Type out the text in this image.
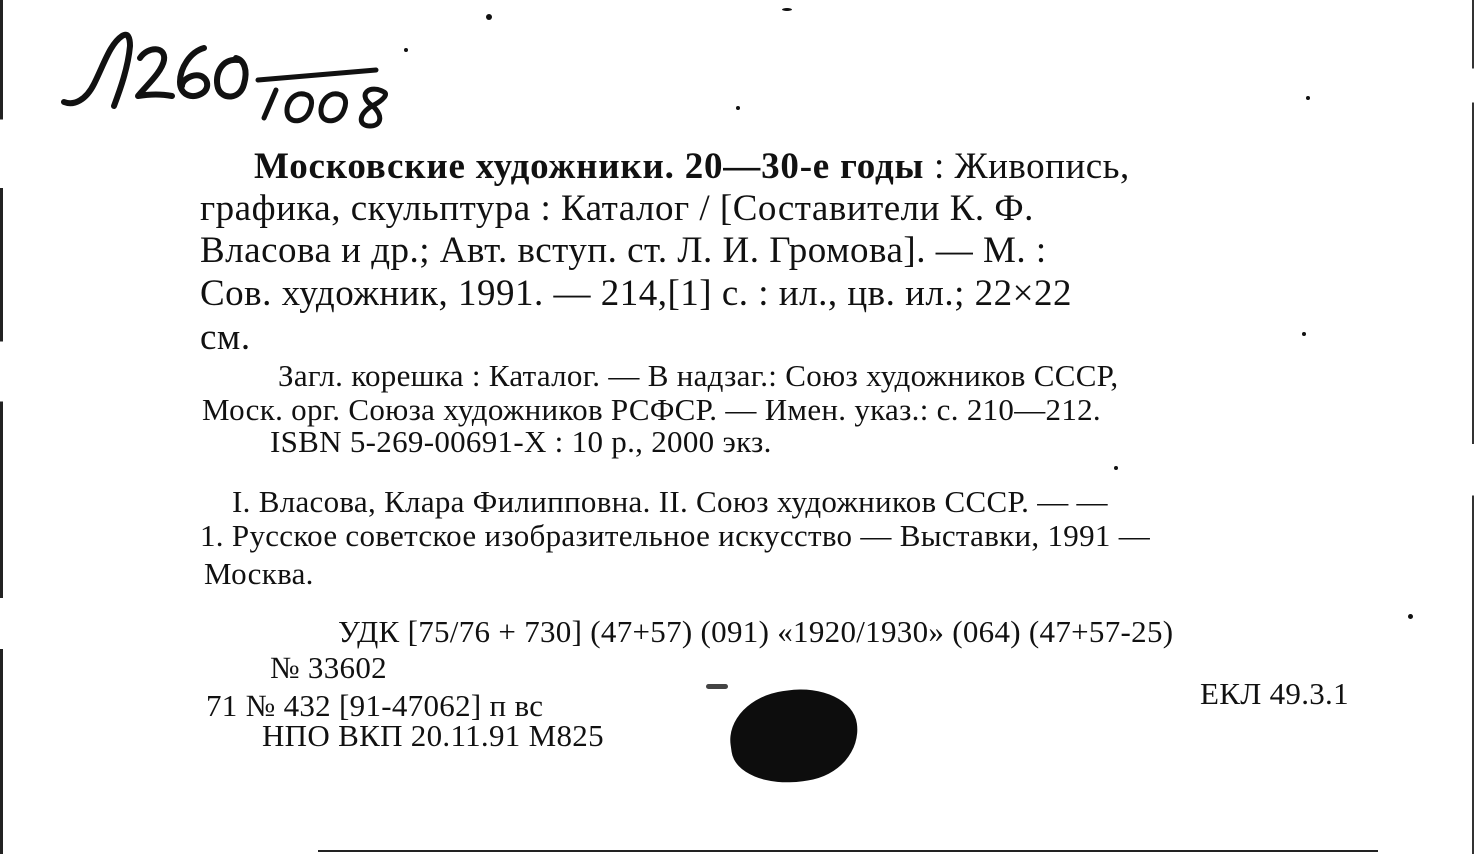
Московские художники. 20—30-е годы : Живопись,
графика, скульптура : Каталог / [Составители К. Ф.
Власова и др.; Авт. вступ. ст. Л. И. Громова]. — М. :
Сов. художник, 1991. — 214,[1] с. : ил., цв. ил.; 22×22
см.
Загл. корешка : Каталог. — В надзаг.: Союз художников СССР,
Моск. орг. Союза художников РСФСР. — Имен. указ.: с. 210—212.
ISBN 5-269-00691-X : 10 р., 2000 экз.
I. Власова, Клара Филипповна. II. Союз художников СССР. — —
1. Русское советское изобразительное искусство — Выставки, 1991 —
Москва.
УДК [75/76 + 730] (47+57) (091) «1920/1930» (064) (47+57-25)
№ 33602
71 № 432 [91-47062] п вс	ЕКЛ 49.3.1
НПО ВКП 20.11.91 М825
